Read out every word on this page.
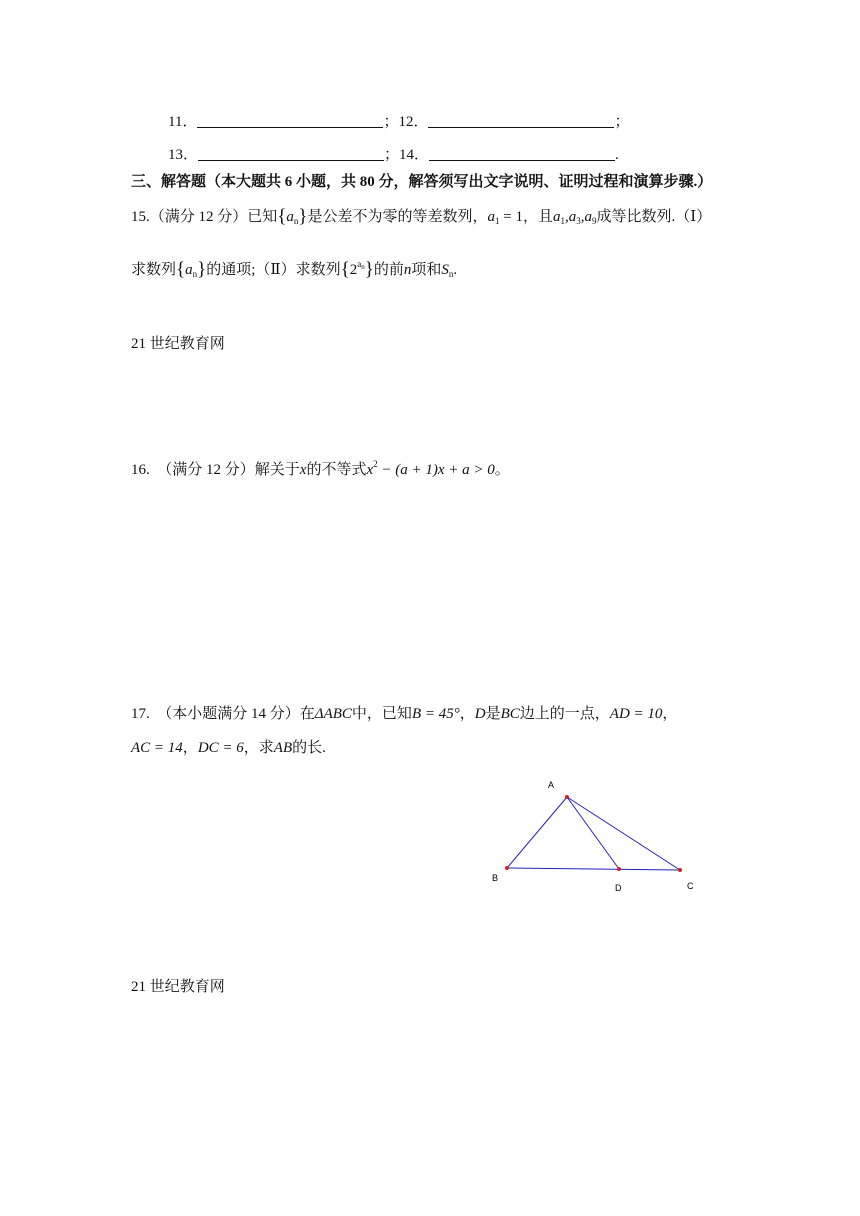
11．	；12．	；
13．	；14．	.
三、解答题（本大题共 6 小题，共 80 分，解答须写出文字说明、证明过程和演算步骤.）
15.（满分 12 分）已知$\{a_n\}$是公差不为零的等差数列，$a_1 = 1$，且$a_1,a_3,a_9$成等比数列.（Ⅰ）
求数列$\{a_n\}$的通项;（Ⅱ）求数列$\{2^{an}\}$的前n项和$S_n$.
21 世纪教育网
16. （满分 12 分）解关于x的不等式$x^2 - (a + 1)x + a > 0$。
17. （本小题满分 14 分）在ΔABC中，已知B = 45°，D是BC边上的一点，AD = 10，
AC = 14，DC = 6，求AB的长.
A
B
D	C
21 世纪教育网
